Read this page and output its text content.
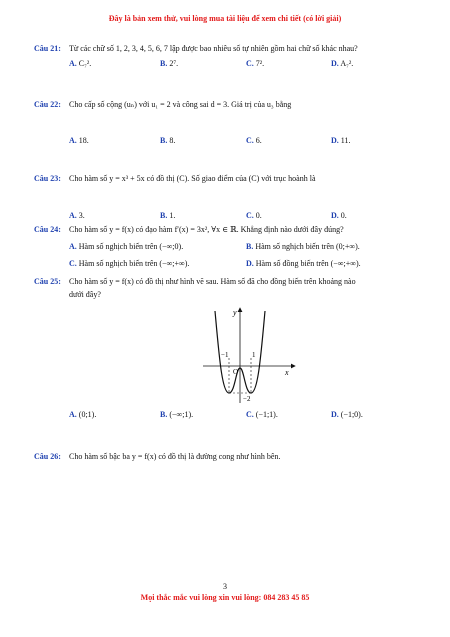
Đây là bản xem thử, vui lòng mua tài liệu để xem chi tiết (có lời giải)
Câu 21: Từ các chữ số 1, 2, 3, 4, 5, 6, 7 lập được bao nhiêu số tự nhiên gồm hai chữ số khác nhau?
A. C₇².	B. 2⁷.	C. 7².	D. A₇².
Câu 22: Cho cấp số cộng (uₙ) với u₁ = 2 và công sai d = 3. Giá trị của u₃ bằng
A. 18.	B. 8.	C. 6.	D. 11.
Câu 23: Cho hàm số y = x³ + 5x có đồ thị (C). Số giao điểm của (C) với trục hoành là
A. 3.	B. 1.	C. 0.	D. 0.
Câu 24: Cho hàm số y = f(x) có đạo hàm f′(x) = 3x², ∀x ∈ ℝ. Khẳng định nào dưới đây đúng?
A. Hàm số nghịch biến trên (−∞;0).	B. Hàm số nghịch biến trên (0;+∞).
C. Hàm số nghịch biến trên (−∞;+∞).	D. Hàm số đồng biến trên (−∞;+∞).
Câu 25: Cho hàm số y = f(x) có đồ thị như hình vẽ sau. Hàm số đã cho đồng biến trên khoảng nào
dưới đây?
y
x
O
−1	1
−2
A. (0;1).	B. (−∞;1).	C. (−1;1).	D. (−1;0).
Câu 26: Cho hàm số bậc ba y = f(x) có đồ thị là đường cong như hình bên.
3
Mọi thắc mắc vui lòng xin vui lòng: 084 283 45 85
